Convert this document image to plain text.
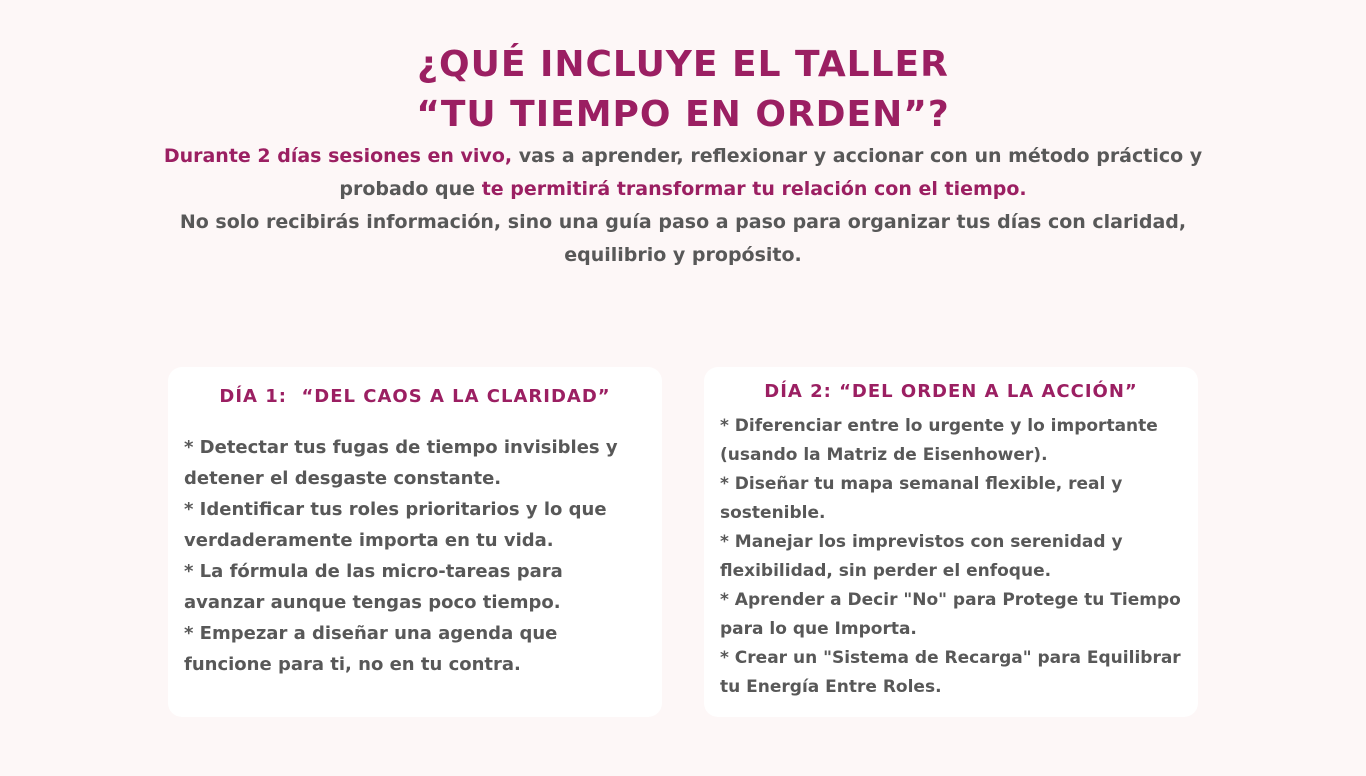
¿QUÉ INCLUYE EL TALLER
“TU TIEMPO EN ORDEN”?
Durante 2 días sesiones en vivo, vas a aprender, reflexionar y accionar con un método práctico y probado que te permitirá transformar tu relación con el tiempo.
No solo recibirás información, sino una guía paso a paso para organizar tus días con claridad, equilibrio y propósito.
DÍA 1:  “DEL CAOS A LA CLARIDAD”
* Detectar tus fugas de tiempo invisibles y detener el desgaste constante.
* Identificar tus roles prioritarios y lo que verdaderamente importa en tu vida.
* La fórmula de las micro-tareas para avanzar aunque tengas poco tiempo.
* Empezar a diseñar una agenda que funcione para ti, no en tu contra.
DÍA 2: “DEL ORDEN A LA ACCIÓN”
* Diferenciar entre lo urgente y lo importante (usando la Matriz de Eisenhower).
* Diseñar tu mapa semanal flexible, real y sostenible.
* Manejar los imprevistos con serenidad y flexibilidad, sin perder el enfoque.
* Aprender a Decir "No" para Protege tu Tiempo para lo que Importa.
* Crear un "Sistema de Recarga" para Equilibrar tu Energía Entre Roles.
